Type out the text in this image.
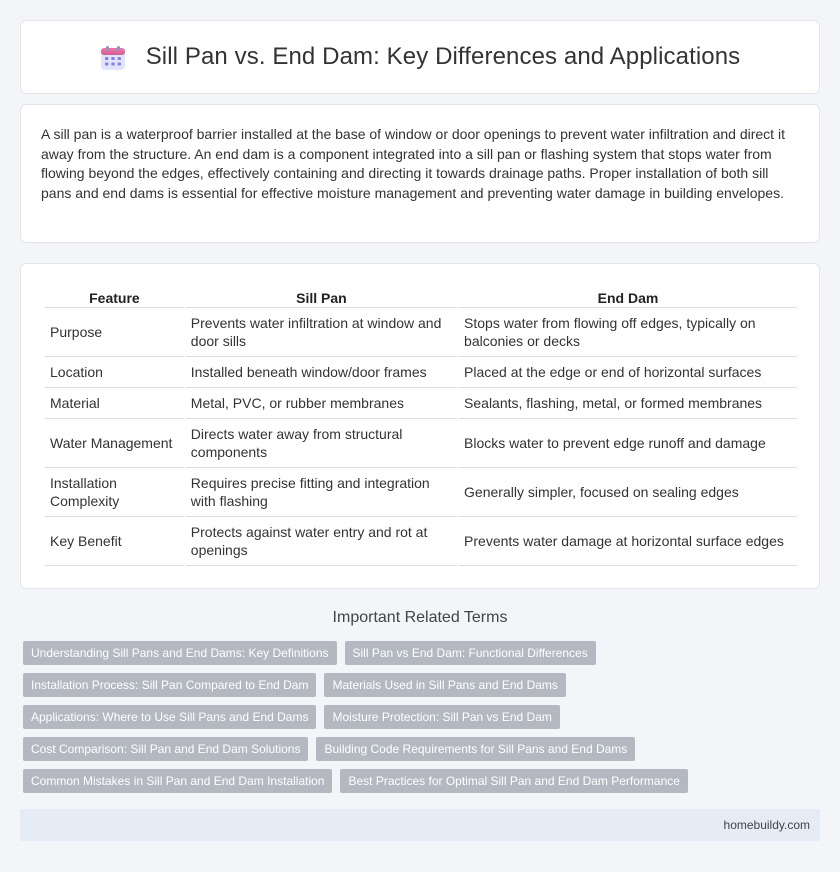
Sill Pan vs. End Dam: Key Differences and Applications

A sill pan is a waterproof barrier installed at the base of window or door openings to prevent water infiltration and direct it away from the structure. An end dam is a component integrated into a sill pan or flashing system that stops water from flowing beyond the edges, effectively containing and directing it towards drainage paths. Proper installation of both sill pans and end dams is essential for effective moisture management and preventing water damage in building envelopes.

Feature	Sill Pan	End Dam
Purpose	Prevents water infiltration at window and door sills	Stops water from flowing off edges, typically on balconies or decks
Location	Installed beneath window/door frames	Placed at the edge or end of horizontal surfaces
Material	Metal, PVC, or rubber membranes	Sealants, flashing, metal, or formed membranes
Water Management	Directs water away from structural components	Blocks water to prevent edge runoff and damage
Installation Complexity	Requires precise fitting and integration with flashing	Generally simpler, focused on sealing edges
Key Benefit	Protects against water entry and rot at openings	Prevents water damage at horizontal surface edges
Important Related Terms
Understanding Sill Pans and End Dams: Key Definitions	Sill Pan vs End Dam: Functional Differences
Installation Process: Sill Pan Compared to End Dam	Materials Used in Sill Pans and End Dams
Applications: Where to Use Sill Pans and End Dams	Moisture Protection: Sill Pan vs End Dam
Cost Comparison: Sill Pan and End Dam Solutions	Building Code Requirements for Sill Pans and End Dams
Common Mistakes in Sill Pan and End Dam Installation	Best Practices for Optimal Sill Pan and End Dam Performance
homebuildy.com
